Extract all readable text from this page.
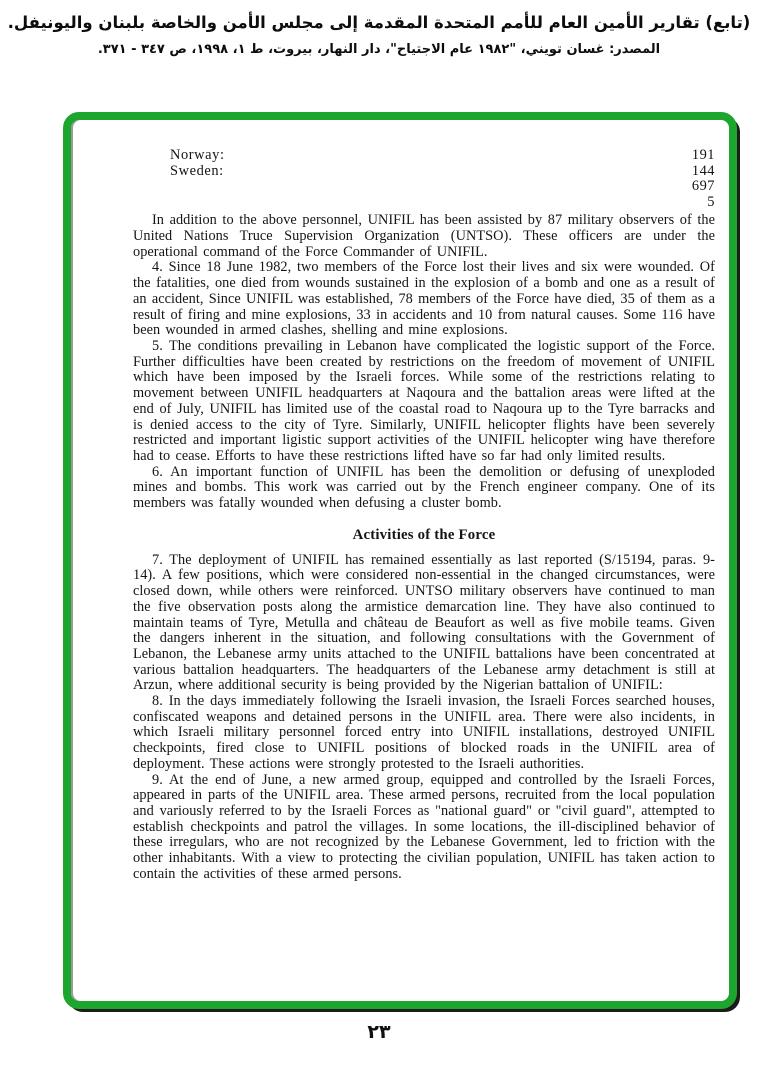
(تابع) تقارير الأمين العام للأمم المتحدة المقدمة إلى مجلس الأمن والخاصة بلبنان واليونيفل.
المصدر: غسان تويني، "١٩٨٢ عام الاجتياح"، دار النهار، بيروت، ط ١، ١٩٩٨، ص ٣٤٧ - ٣٧١.
Norway:	191
Sweden:	144
697
5

In addition to the above personnel, UNIFIL has been assisted by 87 military observers of the United Nations Truce Supervision Organization (UNTSO). These officers are under the operational command of the Force Commander of UNIFIL.

4. Since 18 June 1982, two members of the Force lost their lives and six were wounded. Of the fatalities, one died from wounds sustained in the explosion of a bomb and one as a result of an accident, Since UNIFIL was established, 78 members of the Force have died, 35 of them as a result of firing and mine explosions, 33 in accidents and 10 from natural causes. Some 116 have been wounded in armed clashes, shelling and mine explosions.

5. The conditions prevailing in Lebanon have complicated the logistic support of the Force. Further difficulties have been created by restrictions on the freedom of movement of UNIFIL which have been imposed by the Israeli forces. While some of the restrictions relating to movement between UNIFIL headquarters at Naqoura and the battalion areas were lifted at the end of July, UNIFIL has limited use of the coastal road to Naqoura up to the Tyre barracks and is denied access to the city of Tyre. Similarly, UNIFIL helicopter flights have been severely restricted and important ligistic support activities of the UNIFIL helicopter wing have therefore had to cease. Efforts to have these restrictions lifted have so far had only limited results.

6. An important function of UNIFIL has been the demolition or defusing of unexploded mines and bombs. This work was carried out by the French engineer company. One of its members was fatally wounded when defusing a cluster bomb.

Activities of the Force

7. The deployment of UNIFIL has remained essentially as last reported (S/15194, paras. 9-14). A few positions, which were considered non-essential in the changed circumstances, were closed down, while others were reinforced. UNTSO military observers have continued to man the five observation posts along the armistice demarcation line. They have also continued to maintain teams of Tyre, Metulla and château de Beaufort as well as five mobile teams. Given the dangers inherent in the situation, and following consultations with the Government of Lebanon, the Lebanese army units attached to the UNIFIL battalions have been concentrated at various battalion headquarters. The headquarters of the Lebanese army detachment is still at Arzun, where additional security is being provided by the Nigerian battalion of UNIFIL:

8. In the days immediately following the Israeli invasion, the Israeli Forces searched houses, confiscated weapons and detained persons in the UNIFIL area. There were also incidents, in which Israeli military personnel forced entry into UNIFIL installations, destroyed UNIFIL checkpoints, fired close to UNIFIL positions of blocked roads in the UNIFIL area of deployment. These actions were strongly protested to the Israeli authorities.

9. At the end of June, a new armed group, equipped and controlled by the Israeli Forces, appeared in parts of the UNIFIL area. These armed persons, recruited from the local population and variously referred to by the Israeli Forces as "national guard" or "civil guard", attempted to establish checkpoints and patrol the villages. In some locations, the ill-disciplined behavior of these irregulars, who are not recognized by the Lebanese Government, led to friction with the other inhabitants. With a view to protecting the civilian population, UNIFIL has taken action to contain the activities of these armed persons.

٢٣
